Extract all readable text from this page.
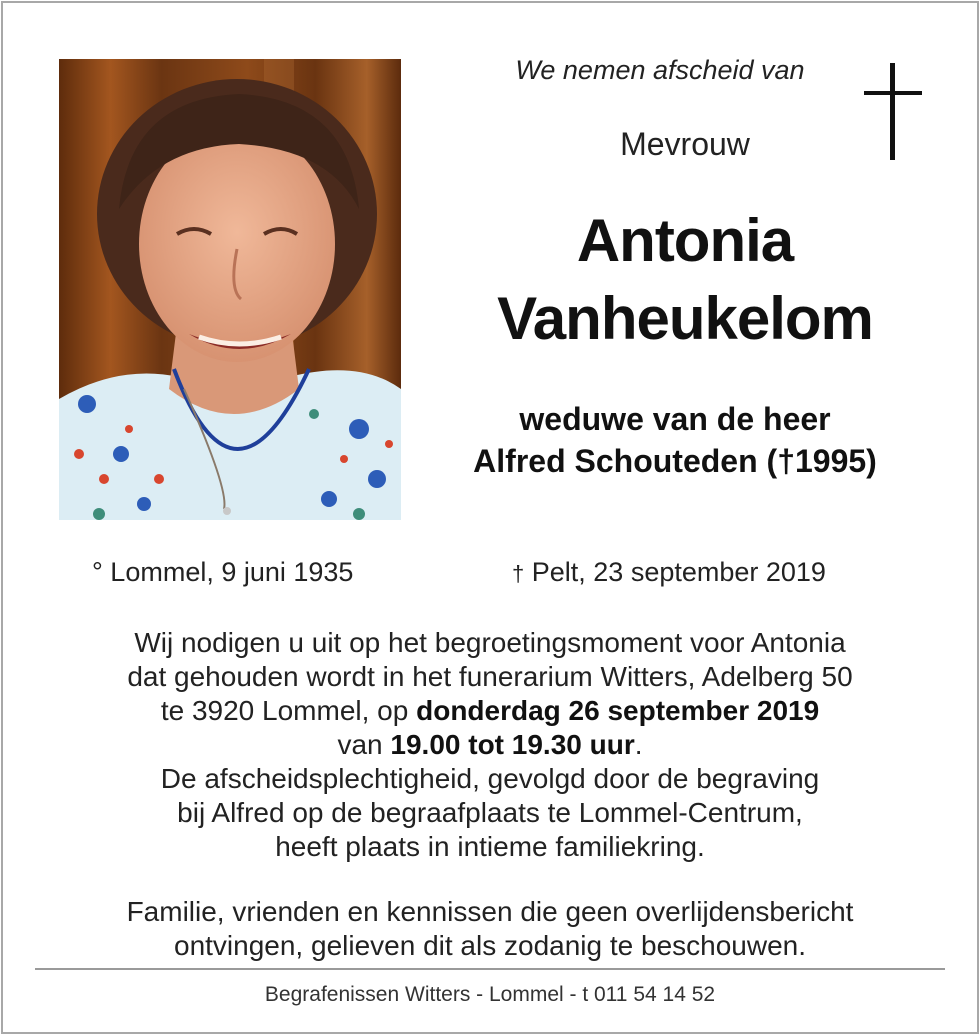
We nemen afscheid van
Mevrouw
Antonia
Vanheukelom
weduwe van de heer
Alfred Schouteden (†1995)
° Lommel, 9 juni 1935	† Pelt, 23 september 2019
Wij nodigen u uit op het begroetingsmoment voor Antonia
dat gehouden wordt in het funerarium Witters, Adelberg 50
te 3920 Lommel, op donderdag 26 september 2019
van 19.00 tot 19.30 uur.
De afscheidsplechtigheid, gevolgd door de begraving
bij Alfred op de begraafplaats te Lommel-Centrum,
heeft plaats in intieme familiekring.
Familie, vrienden en kennissen die geen overlijdensbericht
ontvingen, gelieven dit als zodanig te beschouwen.
Begrafenissen Witters - Lommel - t 011 54 14 52
